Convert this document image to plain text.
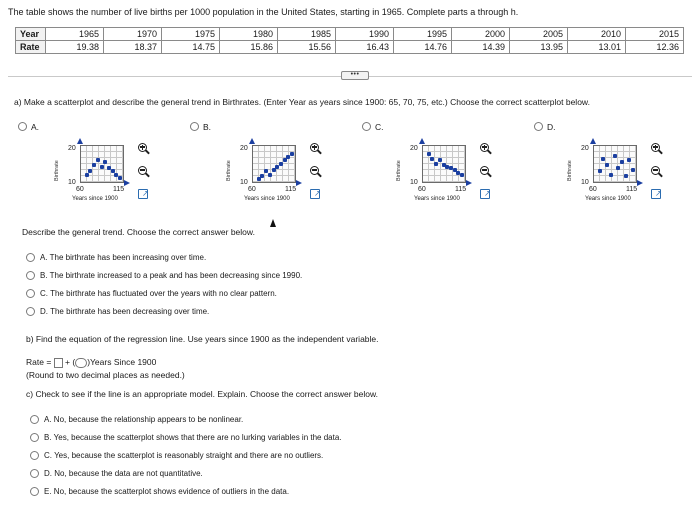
The table shows the number of live births per 1000 population in the United States, starting in 1965. Complete parts a through h.
Year	1965	1970	1975	1980	1985	1990	1995	2000	2005	2010	2015
Rate	19.38	18.37	14.75	15.86	15.56	16.43	14.76	14.39	13.95	13.01	12.36
•••
a) Make a scatterplot and describe the general trend in Birthrates. (Enter Year as years since 1900: 65, 70, 75, etc.) Choose the correct scatterplot below.
A.	B.	C.	D.
Birthrate
20
10
60	115
Years since 1900
↗
Birthrate
20
10
60	115
Years since 1900
↗
Birthrate
20
10
60	115
Years since 1900
↗
Birthrate
20
10
60	115
Years since 1900
↗
Describe the general trend. Choose the correct answer below.
A. The birthrate has been increasing over time.
B. The birthrate increased to a peak and has been decreasing since 1990.
C. The birthrate has fluctuated over the years with no clear pattern.
D. The birthrate has been decreasing over time.
b) Find the equation of the regression line. Use years since 1900 as the independent variable.
Rate = + ( )Years Since 1900
(Round to two decimal places as needed.)
c) Check to see if the line is an appropriate model. Explain. Choose the correct answer below.
A. No, because the relationship appears to be nonlinear.
B. Yes, because the scatterplot shows that there are no lurking variables in the data.
C. Yes, because the scatterplot is reasonably straight and there are no outliers.
D. No, because the data are not quantitative.
E. No, because the scatterplot shows evidence of outliers in the data.
